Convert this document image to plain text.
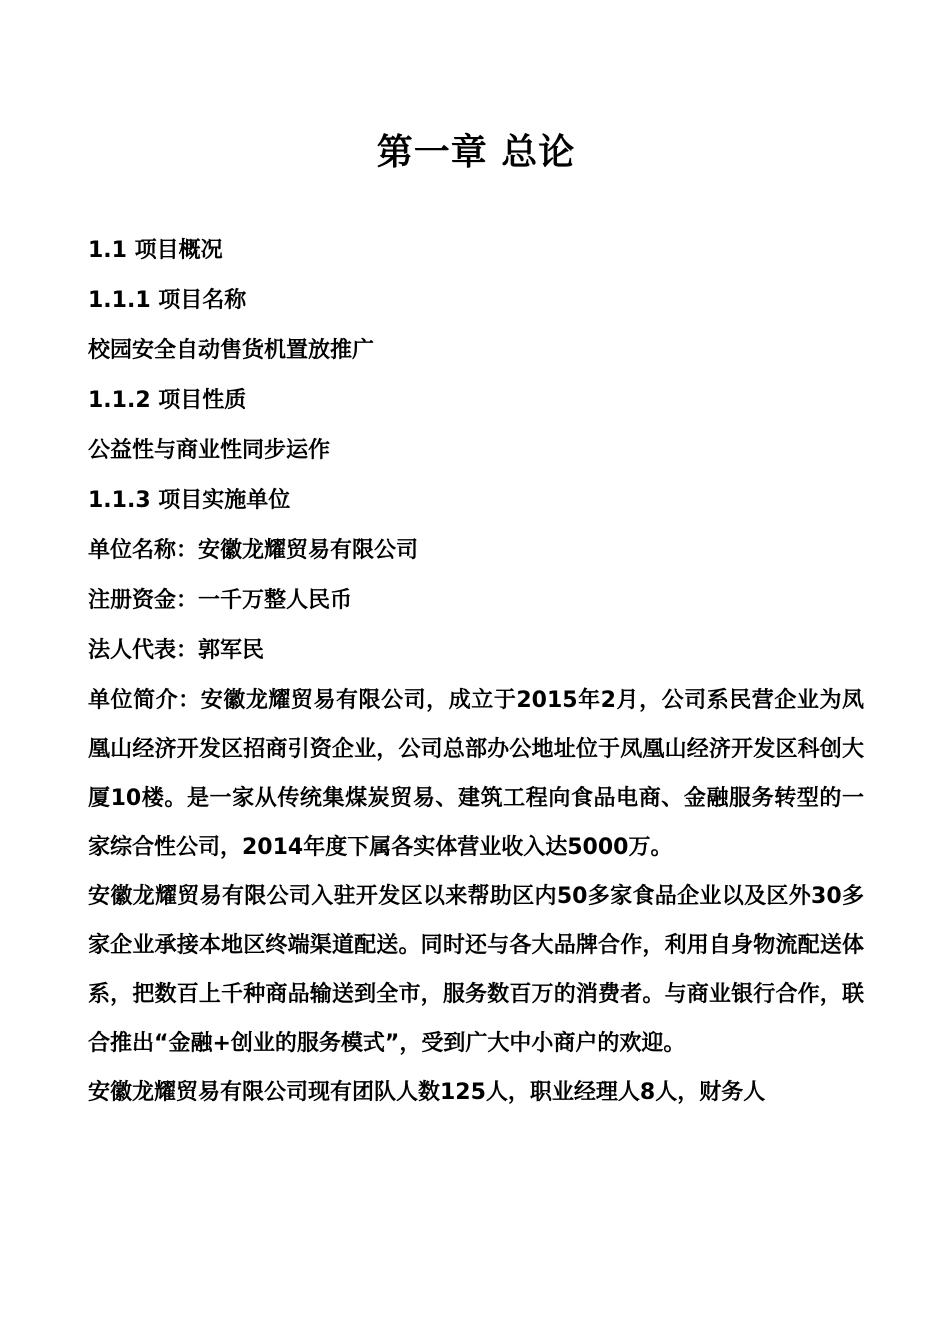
第一章 总论

1.1 项目概况

1.1.1 项目名称

校园安全自动售货机置放推广

1.1.2 项目性质

公益性与商业性同步运作

1.1.3 项目实施单位

单位名称：安徽龙耀贸易有限公司

注册资金：一千万整人民币

法人代表：郭军民

单位简介：安徽龙耀贸易有限公司，成立于2015年2月，公司系民营企业为凤凰山经济开发区招商引资企业，公司总部办公地址位于凤凰山经济开发区科创大厦10楼。是一家从传统集煤炭贸易、建筑工程向食品电商、金融服务转型的一家综合性公司，2014年度下属各实体营业收入达5000万。

安徽龙耀贸易有限公司入驻开发区以来帮助区内50多家食品企业以及区外30多家企业承接本地区终端渠道配送。同时还与各大品牌合作，利用自身物流配送体系，把数百上千种商品输送到全市，服务数百万的消费者。与商业银行合作，联合推出“金融+创业的服务模式”，受到广大中小商户的欢迎。

安徽龙耀贸易有限公司现有团队人数125人，职业经理人8人，财务人
